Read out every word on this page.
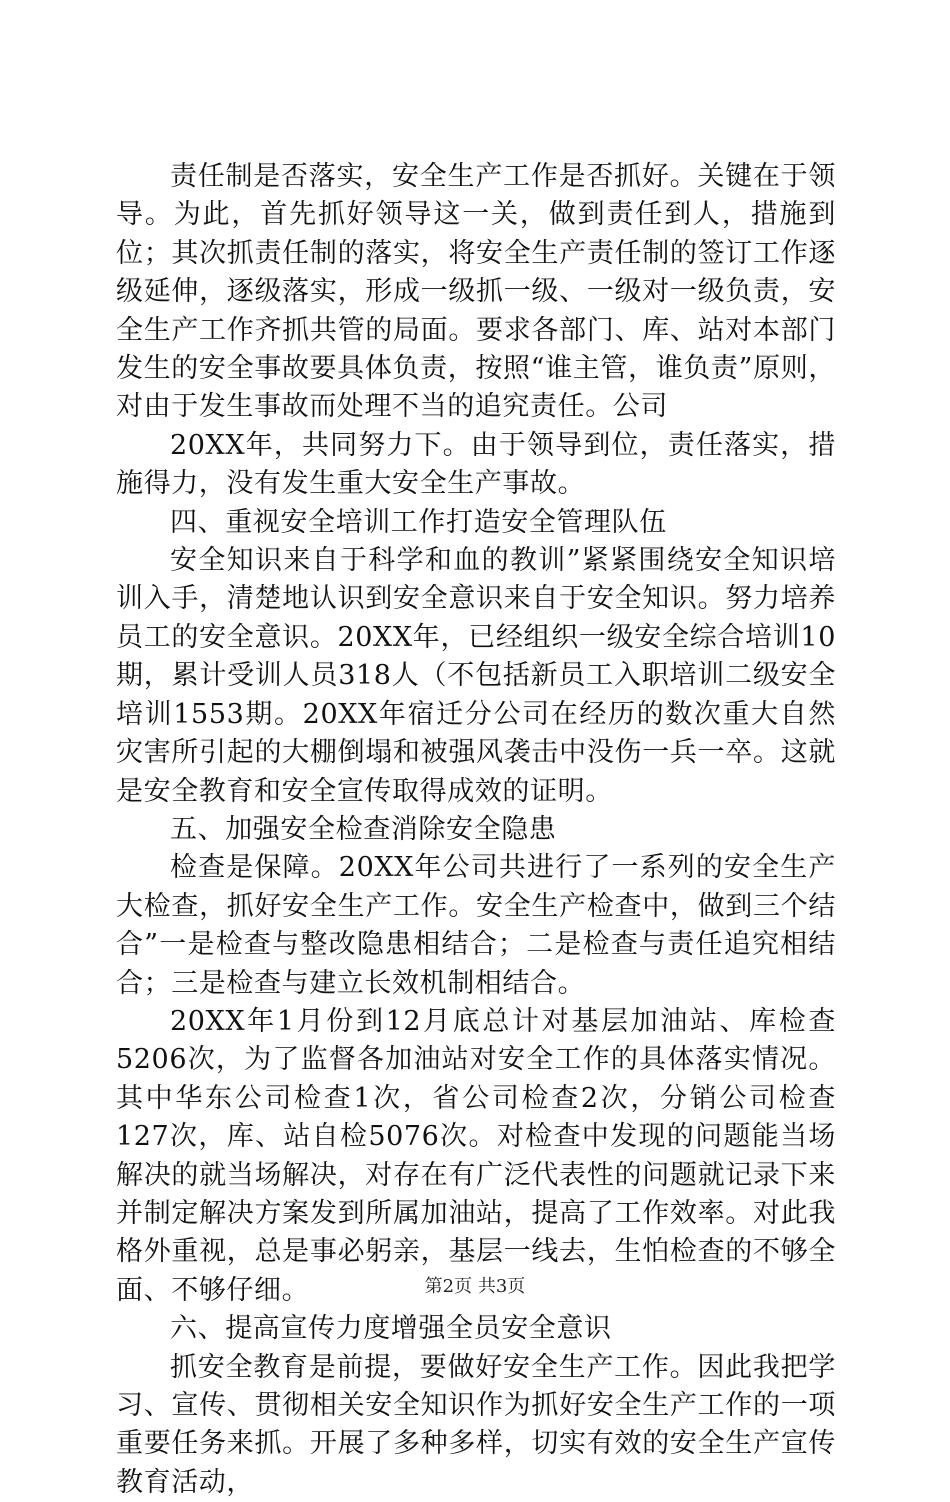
责任制是否落实，安全生产工作是否抓好。关键在于领导。为此，首先抓好领导这一关，做到责任到人，措施到位；其次抓责任制的落实，将安全生产责任制的签订工作逐级延伸，逐级落实，形成一级抓一级、一级对一级负责，安全生产工作齐抓共管的局面。要求各部门、库、站对本部门发生的安全事故要具体负责，按照“谁主管，谁负责”原则，对由于发生事故而处理不当的追究责任。公司

20XX年，共同努力下。由于领导到位，责任落实，措施得力，没有发生重大安全生产事故。

四、重视安全培训工作打造安全管理队伍

安全知识来自于科学和血的教训”紧紧围绕安全知识培训入手，清楚地认识到安全意识来自于安全知识。努力培养员工的安全意识。20XX年，已经组织一级安全综合培训10期，累计受训人员318人（不包括新员工入职培训二级安全培训1553期。20XX年宿迁分公司在经历的数次重大自然灾害所引起的大棚倒塌和被强风袭击中没伤一兵一卒。这就是安全教育和安全宣传取得成效的证明。

五、加强安全检查消除安全隐患

检查是保障。20XX年公司共进行了一系列的安全生产大检查，抓好安全生产工作。安全生产检查中，做到三个结合”一是检查与整改隐患相结合；二是检查与责任追究相结合；三是检查与建立长效机制相结合。

20XX年1月份到12月底总计对基层加油站、库检查5206次，为了监督各加油站对安全工作的具体落实情况。其中华东公司检查1次，省公司检查2次，分销公司检查127次，库、站自检5076次。对检查中发现的问题能当场解决的就当场解决，对存在有广泛代表性的问题就记录下来并制定解决方案发到所属加油站，提高了工作效率。对此我格外重视，总是事必躬亲，基层一线去，生怕检查的不够全面、不够仔细。

六、提高宣传力度增强全员安全意识

抓安全教育是前提，要做好安全生产工作。因此我把学习、宣传、贯彻相关安全知识作为抓好安全生产工作的一项重要任务来抓。开展了多种多样，切实有效的安全生产宣传教育活动，

第2页 共3页
